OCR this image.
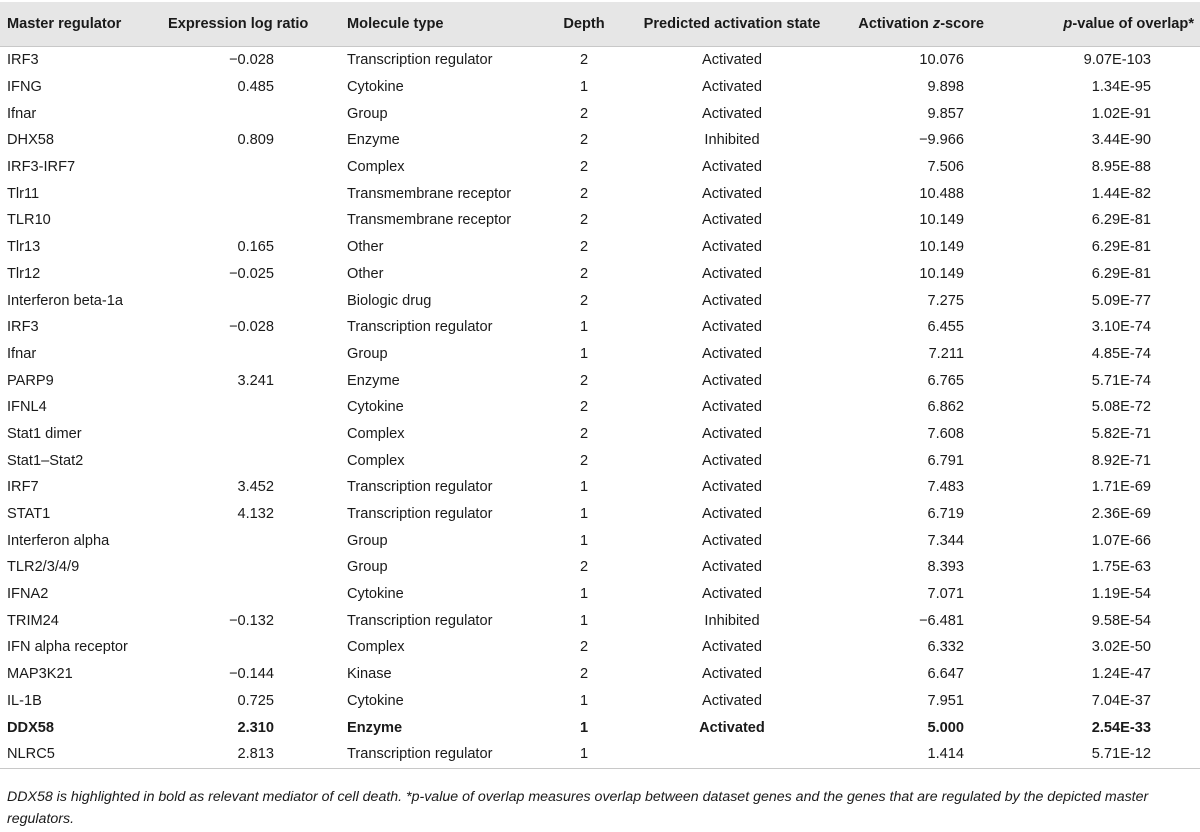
Master regulator	Expression log ratio	Molecule type	Depth	Predicted activation state	Activation z-score	p-value of overlap*
IRF3	−0.028	Transcription regulator	2	Activated	10.076	9.07E-103
IFNG	0.485	Cytokine	1	Activated	9.898	1.34E-95
Ifnar		Group	2	Activated	9.857	1.02E-91
DHX58	0.809	Enzyme	2	Inhibited	−9.966	3.44E-90
IRF3-IRF7		Complex	2	Activated	7.506	8.95E-88
Tlr11		Transmembrane receptor	2	Activated	10.488	1.44E-82
TLR10		Transmembrane receptor	2	Activated	10.149	6.29E-81
Tlr13	0.165	Other	2	Activated	10.149	6.29E-81
Tlr12	−0.025	Other	2	Activated	10.149	6.29E-81
Interferon beta-1a		Biologic drug	2	Activated	7.275	5.09E-77
IRF3	−0.028	Transcription regulator	1	Activated	6.455	3.10E-74
Ifnar		Group	1	Activated	7.211	4.85E-74
PARP9	3.241	Enzyme	2	Activated	6.765	5.71E-74
IFNL4		Cytokine	2	Activated	6.862	5.08E-72
Stat1 dimer		Complex	2	Activated	7.608	5.82E-71
Stat1–Stat2		Complex	2	Activated	6.791	8.92E-71
IRF7	3.452	Transcription regulator	1	Activated	7.483	1.71E-69
STAT1	4.132	Transcription regulator	1	Activated	6.719	2.36E-69
Interferon alpha		Group	1	Activated	7.344	1.07E-66
TLR2/3/4/9		Group	2	Activated	8.393	1.75E-63
IFNA2		Cytokine	1	Activated	7.071	1.19E-54
TRIM24	−0.132	Transcription regulator	1	Inhibited	−6.481	9.58E-54
IFN alpha receptor		Complex	2	Activated	6.332	3.02E-50
MAP3K21	−0.144	Kinase	2	Activated	6.647	1.24E-47
IL-1B	0.725	Cytokine	1	Activated	7.951	7.04E-37
DDX58	2.310	Enzyme	1	Activated	5.000	2.54E-33
NLRC5	2.813	Transcription regulator	1		1.414	5.71E-12
DDX58 is highlighted in bold as relevant mediator of cell death. *p-value of overlap measures overlap between dataset genes and the genes that are regulated by the depicted master regulators.
